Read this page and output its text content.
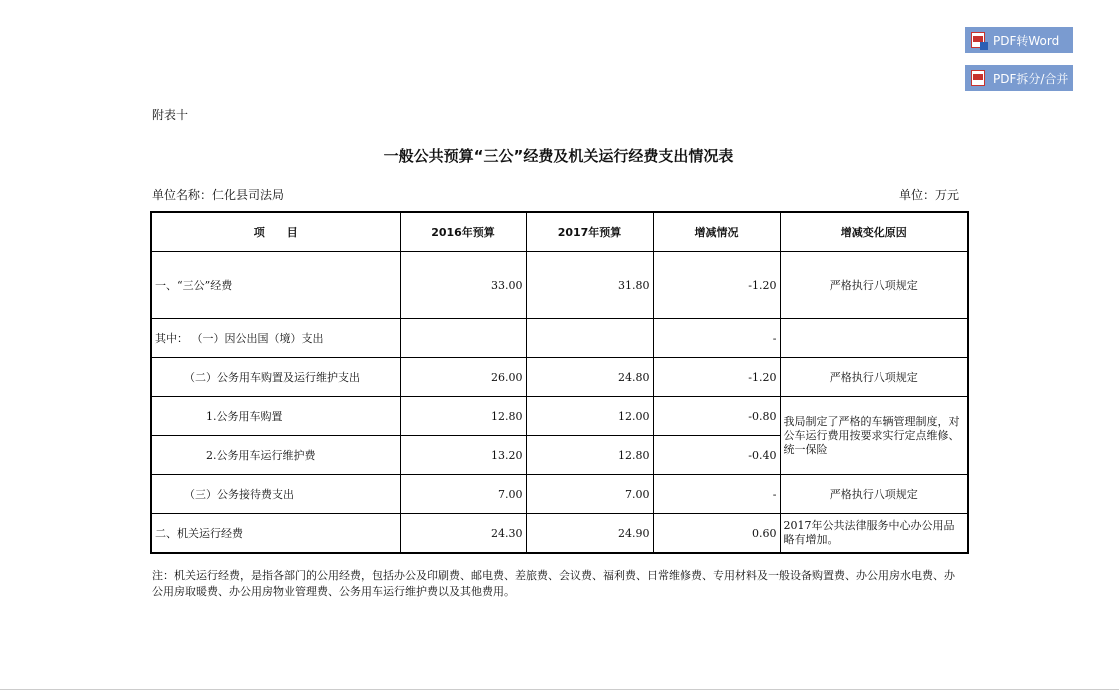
PDF转Word
PDF拆分/合并
附表十
一般公共预算“三公”经费及机关运行经费支出情况表
单位名称：仁化县司法局	单位：万元
项　　目	2016年预算	2017年预算	增减情况	增减变化原因
一、“三公”经费	33.00	31.80	-1.20	严格执行八项规定
其中： （一）因公出国（境）支出			-	
（二）公务用车购置及运行维护支出	26.00	24.80	-1.20	严格执行八项规定
1.公务用车购置	12.80	12.00	-0.80	我局制定了严格的车辆管理制度，对公车运行费用按要求实行定点维修、统一保险
2.公务用车运行维护费	13.20	12.80	-0.40	
（三）公务接待费支出	7.00	7.00	-	严格执行八项规定
二、机关运行经费	24.30	24.90	0.60	2017年公共法律服务中心办公用品略有增加。
注：机关运行经费，是指各部门的公用经费，包括办公及印刷费、邮电费、差旅费、会议费、福利费、日常维修费、专用材料及一般设备购置费、办公用房水电费、办公用房取暖费、办公用房物业管理费、公务用车运行维护费以及其他费用。
